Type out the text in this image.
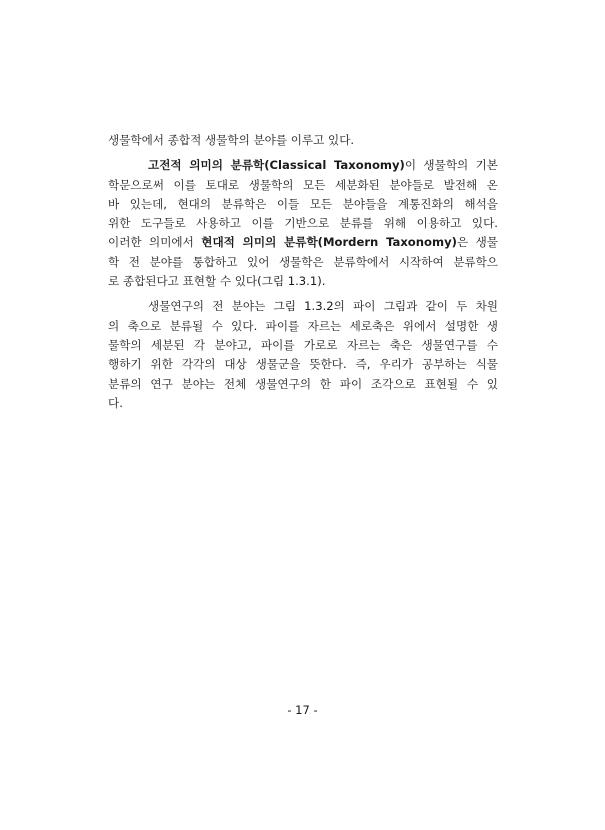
생물학에서 종합적 생물학의 분야를 이루고 있다.
고전적 의미의 분류학(Classical Taxonomy)이 생물학의 기본
학문으로써 이를 토대로 생물학의 모든 세분화된 분야들로 발전해 온
바 있는데, 현대의 분류학은 이들 모든 분야들을 계통진화의 해석을
위한 도구들로 사용하고 이를 기반으로 분류를 위해 이용하고 있다.
이러한 의미에서 현대적 의미의 분류학(Mordern Taxonomy)은 생물
학 전 분야를 통합하고 있어 생물학은 분류학에서 시작하여 분류학으
로 종합된다고 표현할 수 있다(그림 1.3.1).
생물연구의 전 분야는 그림 1.3.2의 파이 그림과 같이 두 차원
의 축으로 분류될 수 있다. 파이를 자르는 세로축은 위에서 설명한 생
물학의 세분된 각 분야고, 파이를 가로로 자르는 축은 생물연구를 수
행하기 위한 각각의 대상 생물군을 뜻한다. 즉, 우리가 공부하는 식물
분류의 연구 분야는 전체 생물연구의 한 파이 조각으로 표현될 수 있
다.
- 17 -
